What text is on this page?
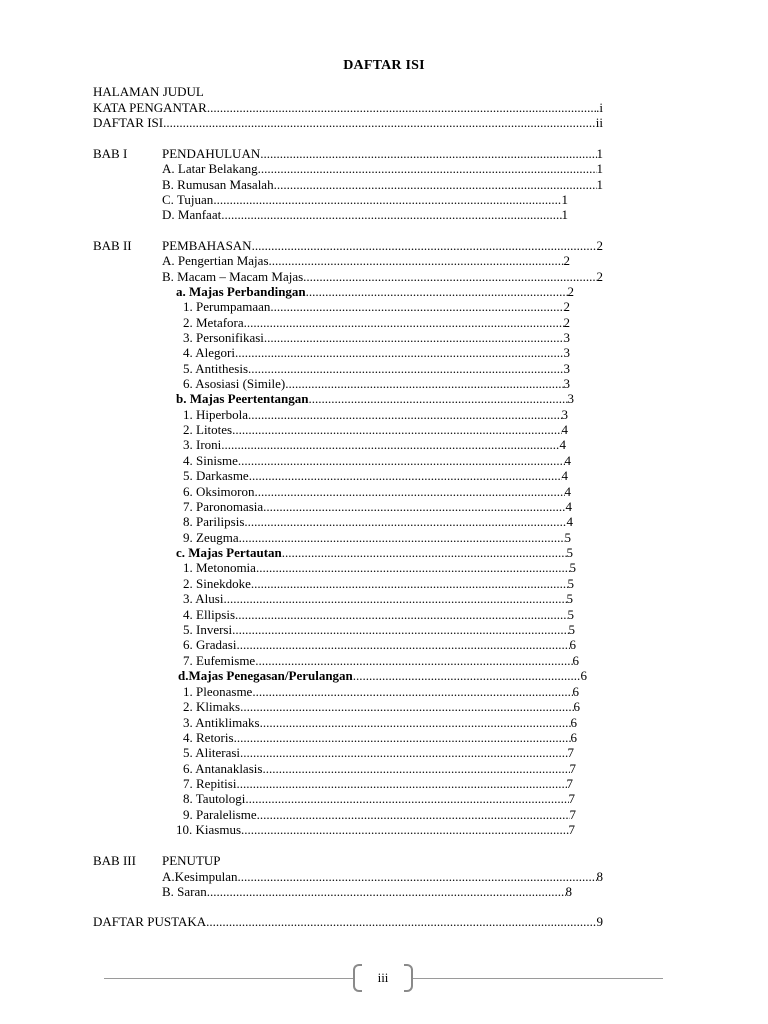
DAFTAR ISI
HALAMAN JUDUL
KATA PENGANTAR .....	.i
DAFTAR ISI .....	ii
BAB I	PENDAHULUAN .....	1
A. Latar Belakang .....	1
B. Rumusan Masalah .....	1
C. Tujuan .....	1
D. Manfaat .....	1
BAB II PEMBAHASAN .....	2
A. Pengertian Majas .....	2
B. Macam – Macam Majas .....	2
a. Majas Perbandingan .....	2
1. Perumpamaan .....	2
2. Metafora .....	2
3. Personifikasi .....	3
4. Alegori .....	3
5. Antithesis .....	3
6. Asosiasi (Simile) .....	3
b. Majas Peertentangan .....	3
1. Hiperbola .....	3
2. Litotes .....	4
3. Ironi .....	4
4. Sinisme .....	4
5. Darkasme .....	4
6. Oksimoron.. .....	4
7. Paronomasia .....	4
8. Parilipsis .....	4
9. Zeugma .....	5
c. Majas Pertautan .....	5
1. Metonomia .....	5
2. Sinekdoke .....	5
3. Alusi .....	5
4. Ellipsis .....	5
5. Inversi .....	5
6. Gradasi .....	6
7. Eufemisme .....	6
d.Majas Penegasan/Perulangan .....	6
1. Pleonasme .....	6
2. Klimaks .....	6
3. Antiklimaks .....	6
4. Retoris .....	6
5. Aliterasi .....	7
6. Antanaklasis .....	7
7. Repitisi .....	7
8. Tautologi .....	7
9. Paralelisme .....	7
10. Kiasmus .....	7
BAB III PENUTUP
A.Kesimpulan .....	8
B. Saran .....	8
DAFTAR PUSTAKA .....	9
iii
